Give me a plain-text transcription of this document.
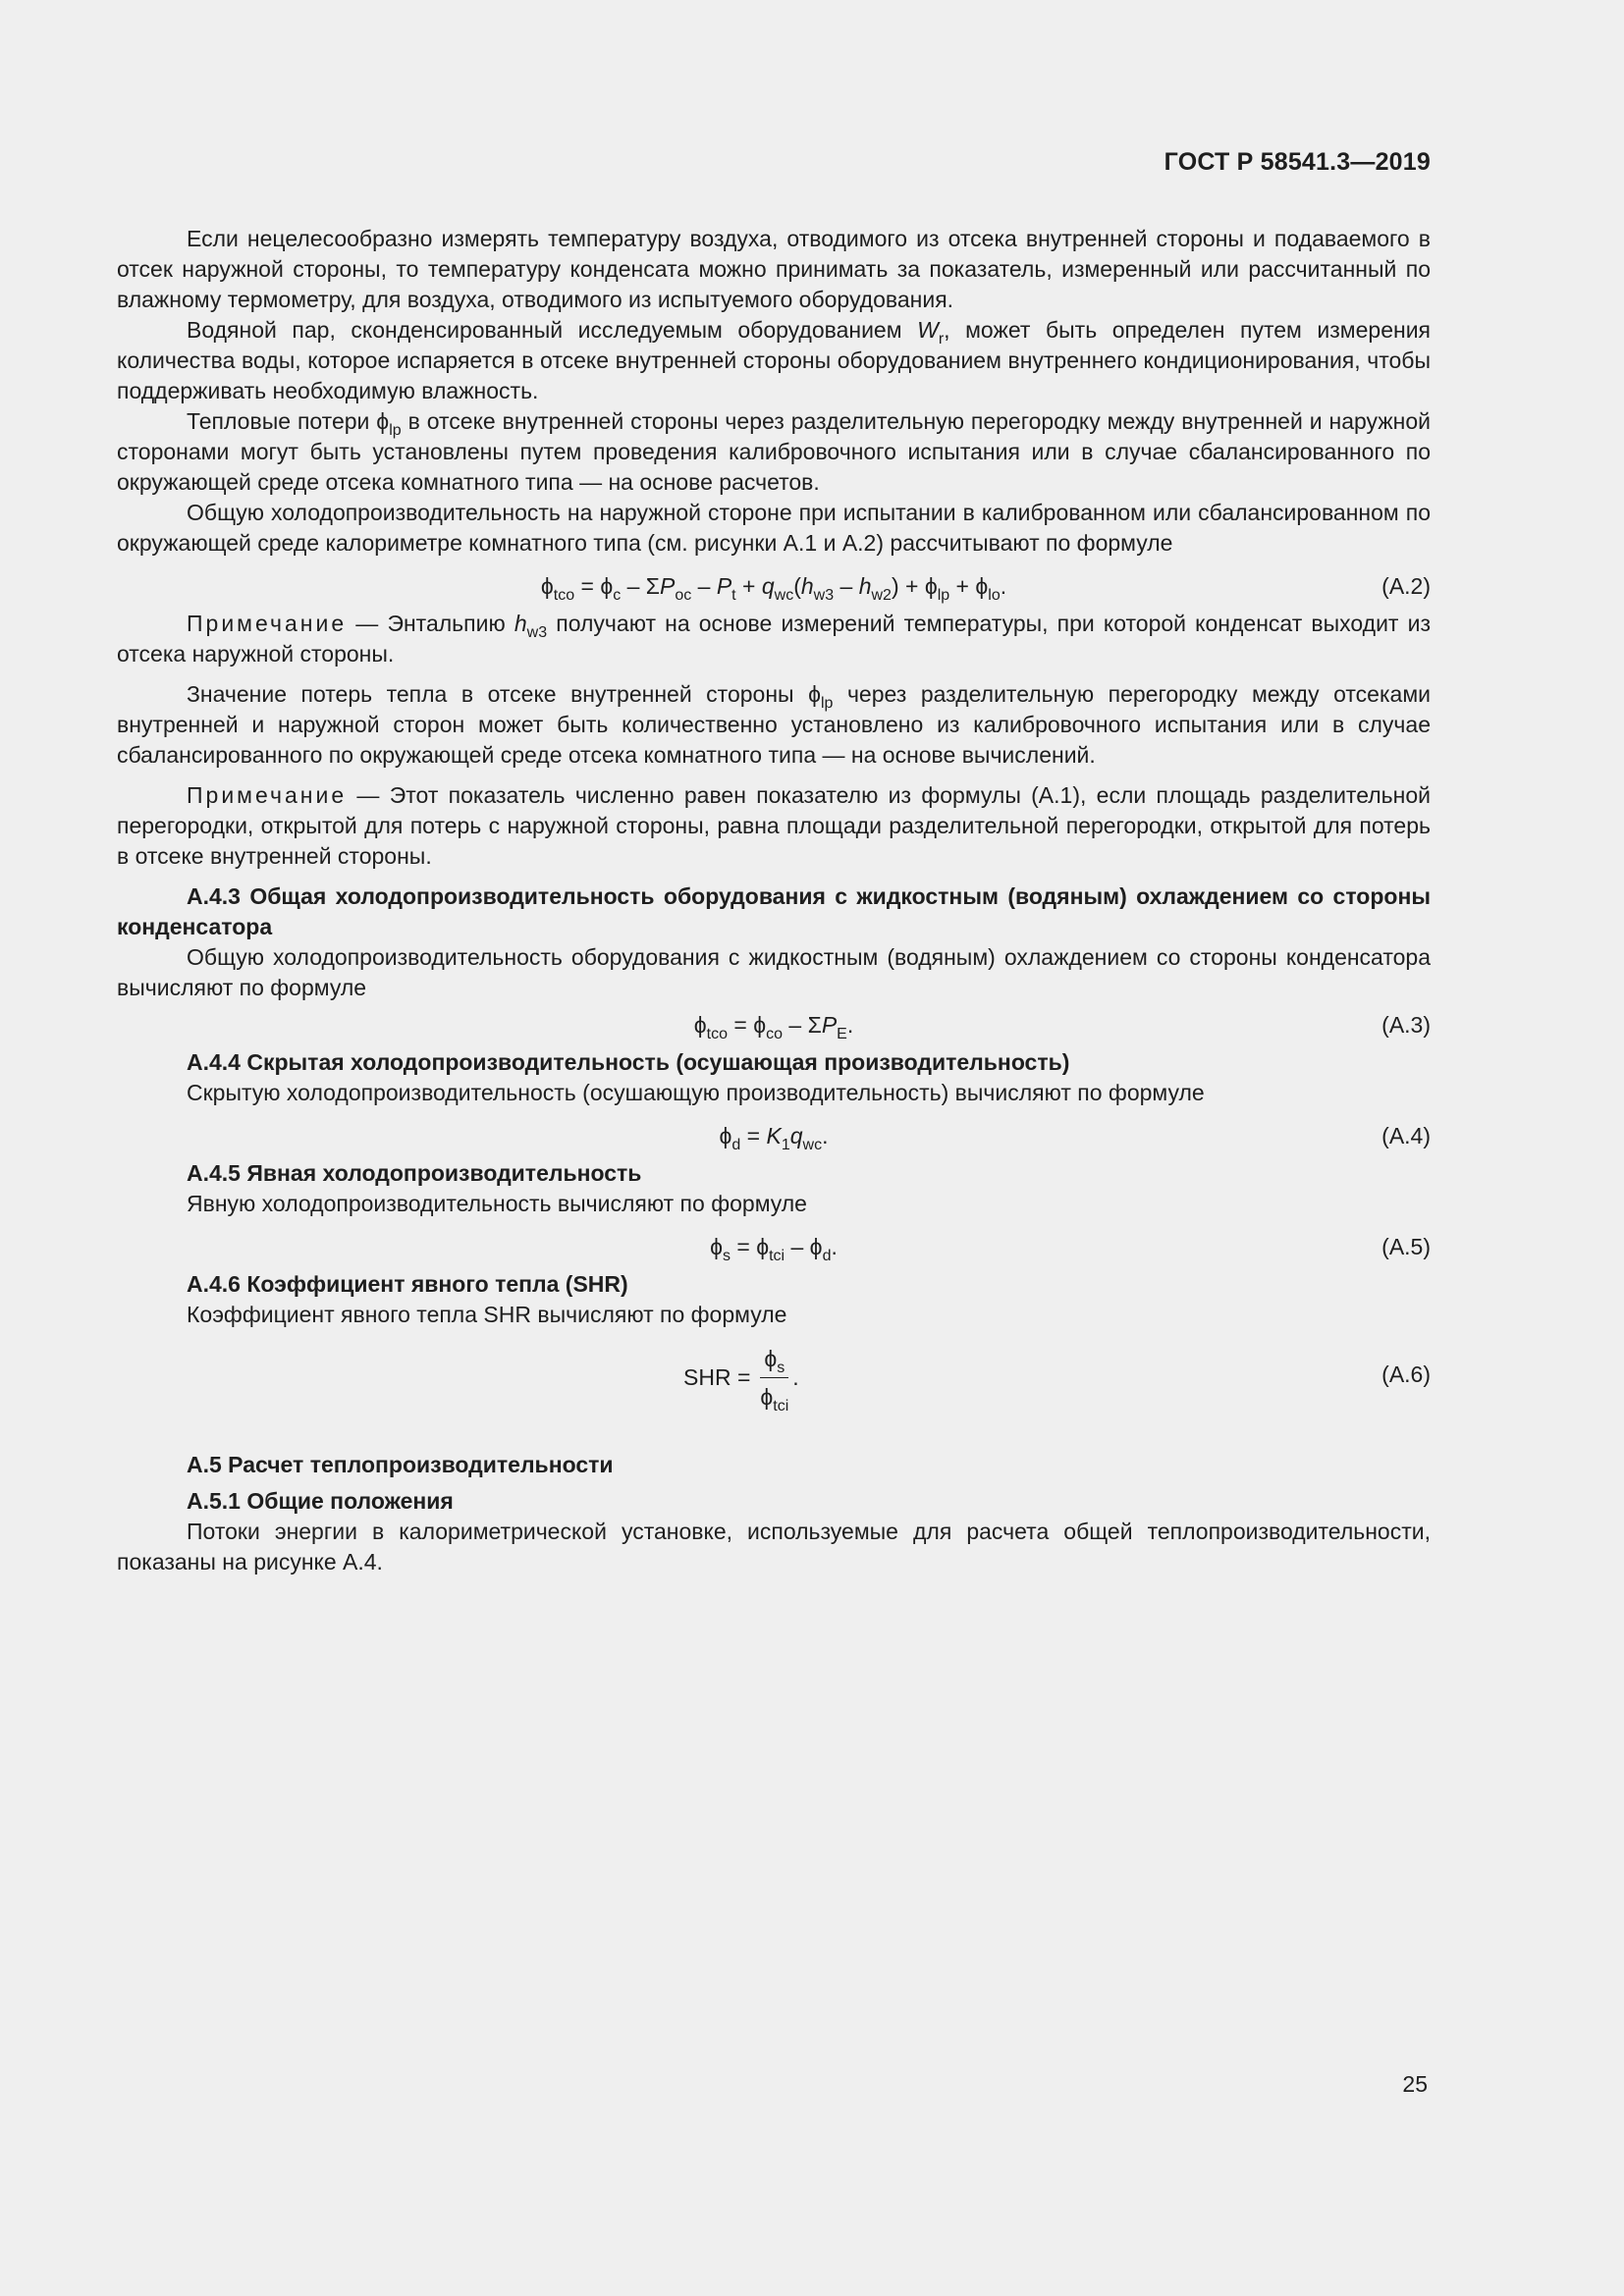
ГОСТ Р 58541.3—2019

Если нецелесообразно измерять температуру воздуха, отводимого из отсека внутренней стороны и подаваемого в отсек наружной стороны, то температуру конденсата можно принимать за показатель, измеренный или рассчитанный по влажному термометру, для воздуха, отводимого из испытуемого оборудования.

Водяной пар, сконденсированный исследуемым оборудованием $W_r$, может быть определен путем измерения количества воды, которое испаряется в отсеке внутренней стороны оборудованием внутреннего кондиционирования, чтобы поддерживать необходимую влажность.

Тепловые потери $\phi_{lp}$ в отсеке внутренней стороны через разделительную перегородку между внутренней и наружной сторонами могут быть установлены путем проведения калибровочного испытания или в случае сбалансированного по окружающей среде отсека комнатного типа — на основе расчетов.

Общую холодопроизводительность на наружной стороне при испытании в калиброванном или сбалансированном по окружающей среде калориметре комнатного типа (см. рисунки А.1 и А.2) рассчитывают по формуле

$\phi_{tco} = \phi_c - \Sigma P_{oc} - P_t + q_{wc}(h_{w3} - h_{w2}) + \phi_{lp} + \phi_{lo}$.	(А.2)

Примечание — Энтальпию $h_{w3}$ получают на основе измерений температуры, при которой конденсат выходит из отсека наружной стороны.

Значение потерь тепла в отсеке внутренней стороны $\phi_{lp}$ через разделительную перегородку между отсеками внутренней и наружной сторон может быть количественно установлено из калибровочного испытания или в случае сбалансированного по окружающей среде отсека комнатного типа — на основе вычислений.

Примечание — Этот показатель численно равен показателю из формулы (А.1), если площадь разделительной перегородки, открытой для потерь с наружной стороны, равна площади разделительной перегородки, открытой для потерь в отсеке внутренней стороны.

А.4.3 Общая холодопроизводительность оборудования с жидкостным (водяным) охлаждением со стороны конденсатора

Общую холодопроизводительность оборудования с жидкостным (водяным) охлаждением со стороны конденсатора вычисляют по формуле

$\phi_{tco} = \phi_{co} - \Sigma P_E$.	(А.3)

А.4.4 Скрытая холодопроизводительность (осушающая производительность)

Скрытую холодопроизводительность (осушающую производительность) вычисляют по формуле

$\phi_d = K_1q_{wc}$.	(А.4)

А.4.5 Явная холодопроизводительность

Явную холодопроизводительность вычисляют по формуле

$\phi_s = \phi_{tci} - \phi_d$.	(А.5)

А.4.6 Коэффициент явного тепла (SHR)

Коэффициент явного тепла SHR вычисляют по формуле

SHR = $\frac{\phi_s}{\phi_{tci}}$ .	(А.6)

А.5 Расчет теплопроизводительности

А.5.1 Общие положения

Потоки энергии в калориметрической установке, используемые для расчета общей теплопроизводительности, показаны на рисунке А.4.

25
